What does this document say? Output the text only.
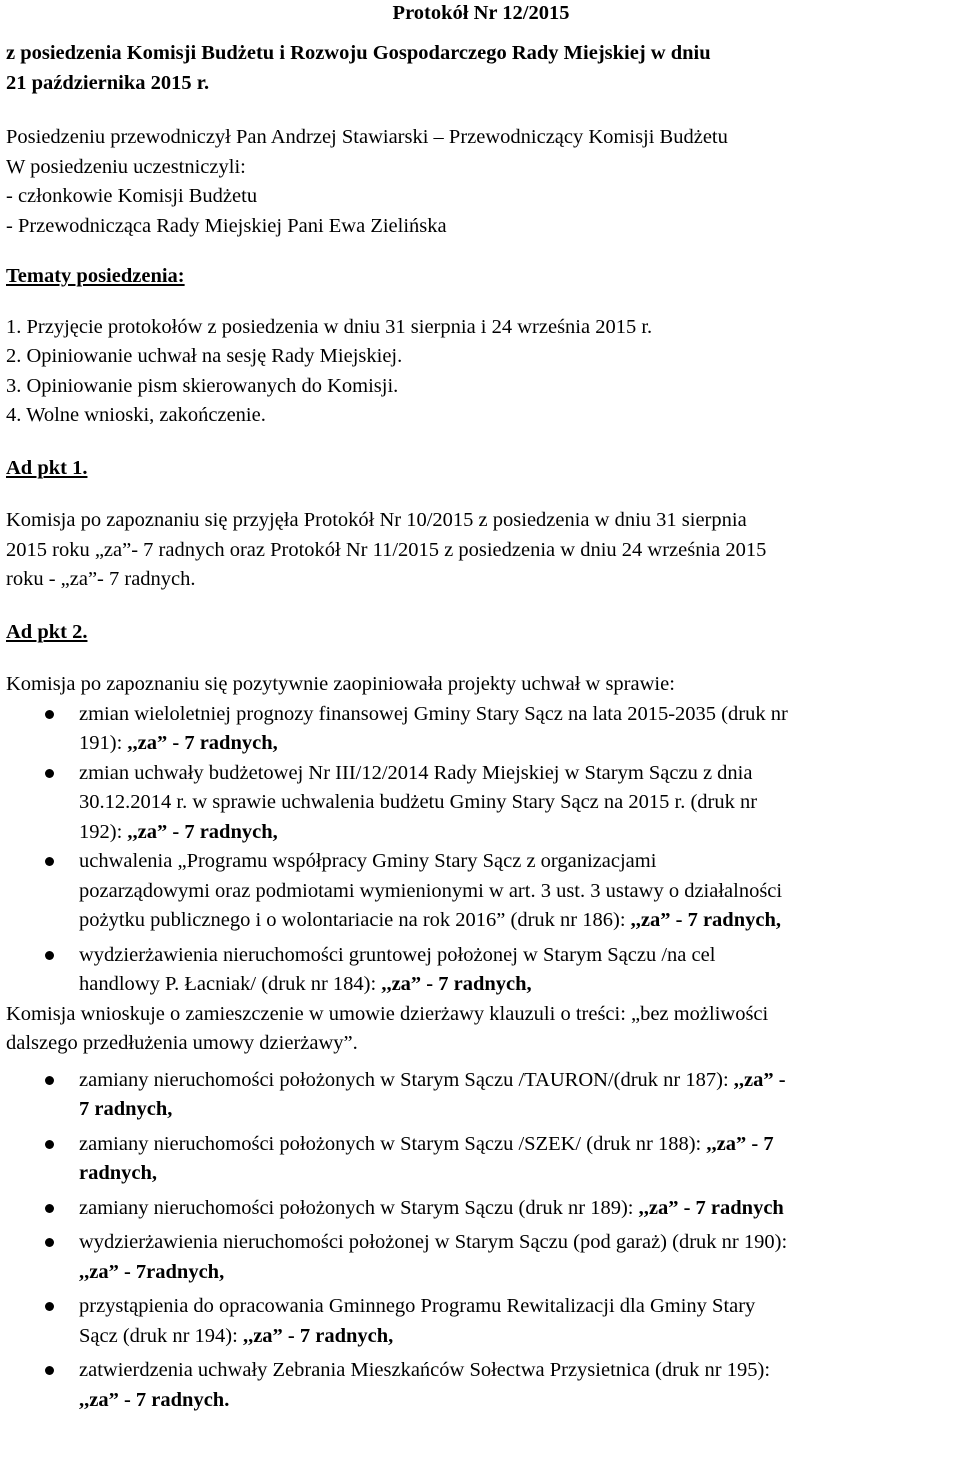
Protokół Nr 12/2015

z posiedzenia Komisji Budżetu i Rozwoju Gospodarczego Rady Miejskiej w dniu
21 października 2015 r.

Posiedzeniu przewodniczył Pan Andrzej Stawiarski – Przewodniczący Komisji Budżetu
W posiedzeniu uczestniczyli:
- członkowie Komisji Budżetu
- Przewodnicząca Rady Miejskiej Pani Ewa Zielińska
Tematy posiedzenia:
1. Przyjęcie protokołów z posiedzenia w dniu 31 sierpnia i 24 września 2015 r.
2. Opiniowanie uchwał na sesję Rady Miejskiej.
3. Opiniowanie pism skierowanych do Komisji.
4. Wolne wnioski, zakończenie.
Ad pkt 1.
Komisja po zapoznaniu się przyjęła Protokół Nr 10/2015 z posiedzenia w dniu 31 sierpnia
2015 roku „za”- 7 radnych oraz Protokół Nr 11/2015 z posiedzenia w dniu 24 września 2015
roku - „za”- 7 radnych.
Ad pkt 2.
Komisja po zapoznaniu się pozytywnie zaopiniowała projekty uchwał w sprawie:
zmian wieloletniej prognozy finansowej Gminy Stary Sącz na lata 2015-2035 (druk nr
191): ,,za” - 7 radnych,
zmian uchwały budżetowej Nr III/12/2014 Rady Miejskiej w Starym Sączu z dnia
30.12.2014 r. w sprawie uchwalenia budżetu Gminy Stary Sącz na 2015 r. (druk nr
192): ,,za” - 7 radnych,
uchwalenia „Programu współpracy Gminy Stary Sącz z organizacjami
pozarządowymi oraz podmiotami wymienionymi w art. 3 ust. 3 ustawy o działalności
pożytku publicznego i o wolontariacie na rok 2016” (druk nr 186): ,,za” - 7 radnych,
wydzierżawienia nieruchomości gruntowej położonej w Starym Sączu /na cel
handlowy P. Łacniak/ (druk nr 184): ,,za” - 7 radnych,
Komisja wnioskuje o zamieszczenie w umowie dzierżawy klauzuli o treści: „bez możliwości
dalszego przedłużenia umowy dzierżawy”.
zamiany nieruchomości położonych w Starym Sączu /TAURON/(druk nr 187): ,,za” -
7 radnych,
zamiany nieruchomości położonych w Starym Sączu /SZEK/ (druk nr 188): ,,za” - 7
radnych,
zamiany nieruchomości położonych w Starym Sączu (druk nr 189): ,,za” - 7 radnych
wydzierżawienia nieruchomości położonej w Starym Sączu (pod garaż) (druk nr 190):
,,za” - 7radnych,
przystąpienia do opracowania Gminnego Programu Rewitalizacji dla Gminy Stary
Sącz (druk nr 194): ,,za” - 7 radnych,
zatwierdzenia uchwały Zebrania Mieszkańców Sołectwa Przysietnica (druk nr 195):
,,za” - 7 radnych.
